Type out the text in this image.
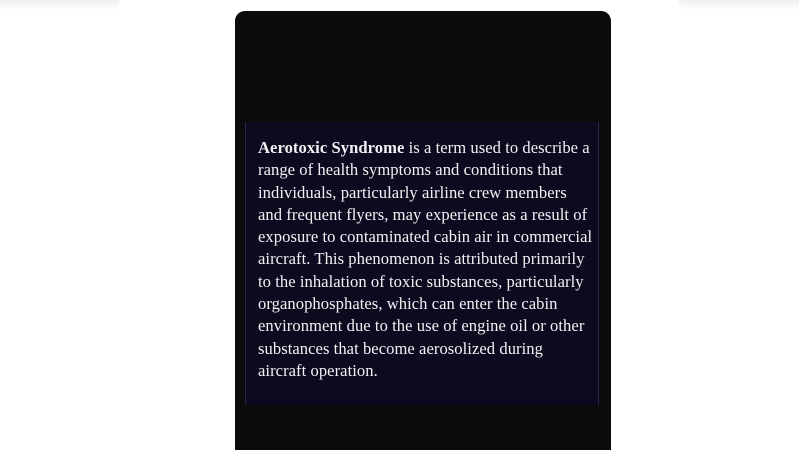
Aerotoxic Syndrome is a term used to describe a range of health symptoms and conditions that individuals, particularly airline crew members and frequent flyers, may experience as a result of exposure to contaminated cabin air in commercial aircraft. This phenomenon is attributed primarily to the inhalation of toxic substances, particularly organophosphates, which can enter the cabin environment due to the use of engine oil or other substances that become aerosolized during aircraft operation.
